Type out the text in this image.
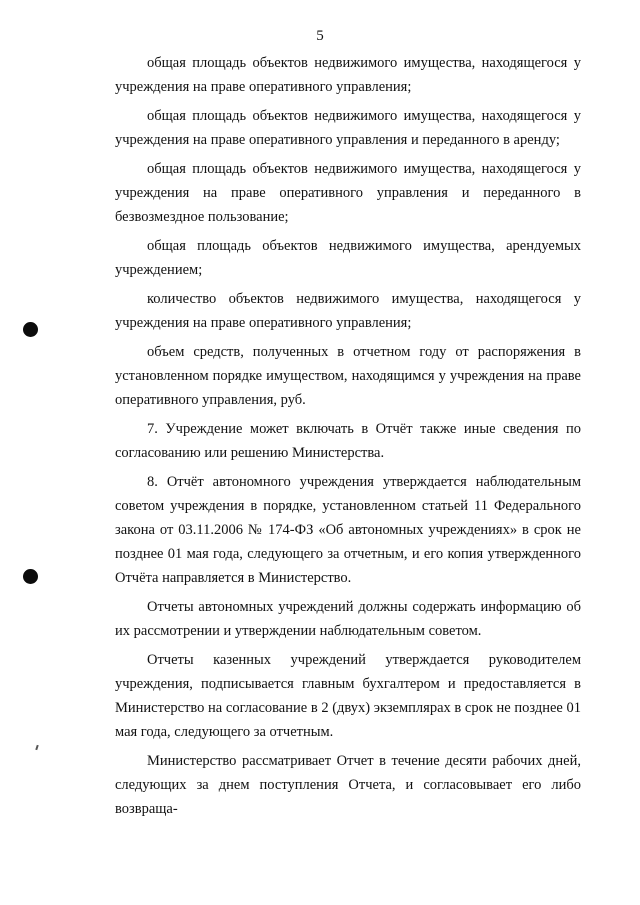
5

общая площадь объектов недвижимого имущества, находящегося у учреждения на праве оперативного управления;

общая площадь объектов недвижимого имущества, находящегося у учреждения на праве оперативного управления и переданного в аренду;

общая площадь объектов недвижимого имущества, находящегося у учреждения на праве оперативного управления и переданного в безвозмездное пользование;

общая площадь объектов недвижимого имущества, арендуемых учреждением;

количество объектов недвижимого имущества, находящегося у учреждения на праве оперативного управления;

объем средств, полученных в отчетном году от распоряжения в установленном порядке имуществом, находящимся у учреждения на праве оперативного управления, руб.

7. Учреждение может включать в Отчёт также иные сведения по согласованию или решению Министерства.

8. Отчёт автономного учреждения утверждается наблюдательным советом учреждения в порядке, установленном статьей 11 Федерального закона от 03.11.2006 № 174-ФЗ «Об автономных учреждениях» в срок не позднее 01 мая года, следующего за отчетным, и его копия утвержденного Отчёта направляется в Министерство.

Отчеты автономных учреждений должны содержать информацию об их рассмотрении и утверждении наблюдательным советом.

Отчеты казенных учреждений утверждается руководителем учреждения, подписывается главным бухгалтером и предоставляется в Министерство на согласование в 2 (двух) экземплярах в срок не позднее 01 мая года, следующего за отчетным.

Министерство рассматривает Отчет в течение десяти рабочих дней, следующих за днем поступления Отчета, и согласовывает его либо возвраща-
